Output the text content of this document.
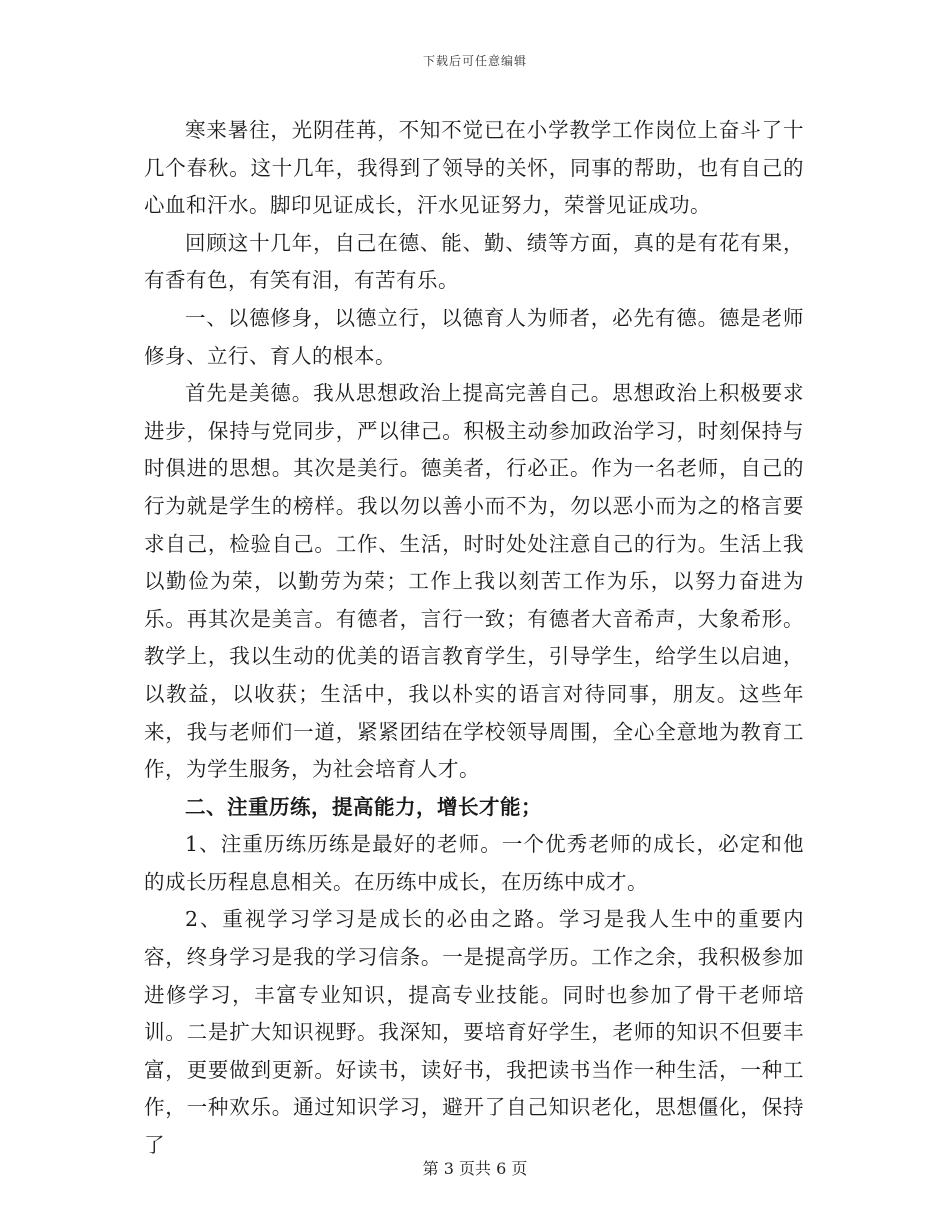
下载后可任意编辑

寒来暑往，光阴荏苒，不知不觉已在小学教学工作岗位上奋斗了十几个春秋。这十几年，我得到了领导的关怀，同事的帮助，也有自己的心血和汗水。脚印见证成长，汗水见证努力，荣誉见证成功。

回顾这十几年，自己在德、能、勤、绩等方面，真的是有花有果，有香有色，有笑有泪，有苦有乐。

一、以德修身，以德立行，以德育人为师者，必先有德。德是老师修身、立行、育人的根本。

首先是美德。我从思想政治上提高完善自己。思想政治上积极要求进步，保持与党同步，严以律己。积极主动参加政治学习，时刻保持与时俱进的思想。其次是美行。德美者，行必正。作为一名老师，自己的行为就是学生的榜样。我以勿以善小而不为，勿以恶小而为之的格言要求自己，检验自己。工作、生活，时时处处注意自己的行为。生活上我以勤俭为荣，以勤劳为荣；工作上我以刻苦工作为乐，以努力奋进为乐。再其次是美言。有德者，言行一致；有德者大音希声，大象希形。教学上，我以生动的优美的语言教育学生，引导学生，给学生以启迪，以教益，以收获；生活中，我以朴实的语言对待同事，朋友。这些年来，我与老师们一道，紧紧团结在学校领导周围，全心全意地为教育工作，为学生服务，为社会培育人才。

二、注重历练，提高能力，增长才能；

1、注重历练历练是最好的老师。一个优秀老师的成长，必定和他的成长历程息息相关。在历练中成长，在历练中成才。

2、重视学习学习是成长的必由之路。学习是我人生中的重要内容，终身学习是我的学习信条。一是提高学历。工作之余，我积极参加进修学习，丰富专业知识，提高专业技能。同时也参加了骨干老师培训。二是扩大知识视野。我深知，要培育好学生，老师的知识不但要丰富，更要做到更新。好读书，读好书，我把读书当作一种生活，一种工作，一种欢乐。通过知识学习，避开了自己知识老化，思想僵化，保持了

第 3 页共 6 页
